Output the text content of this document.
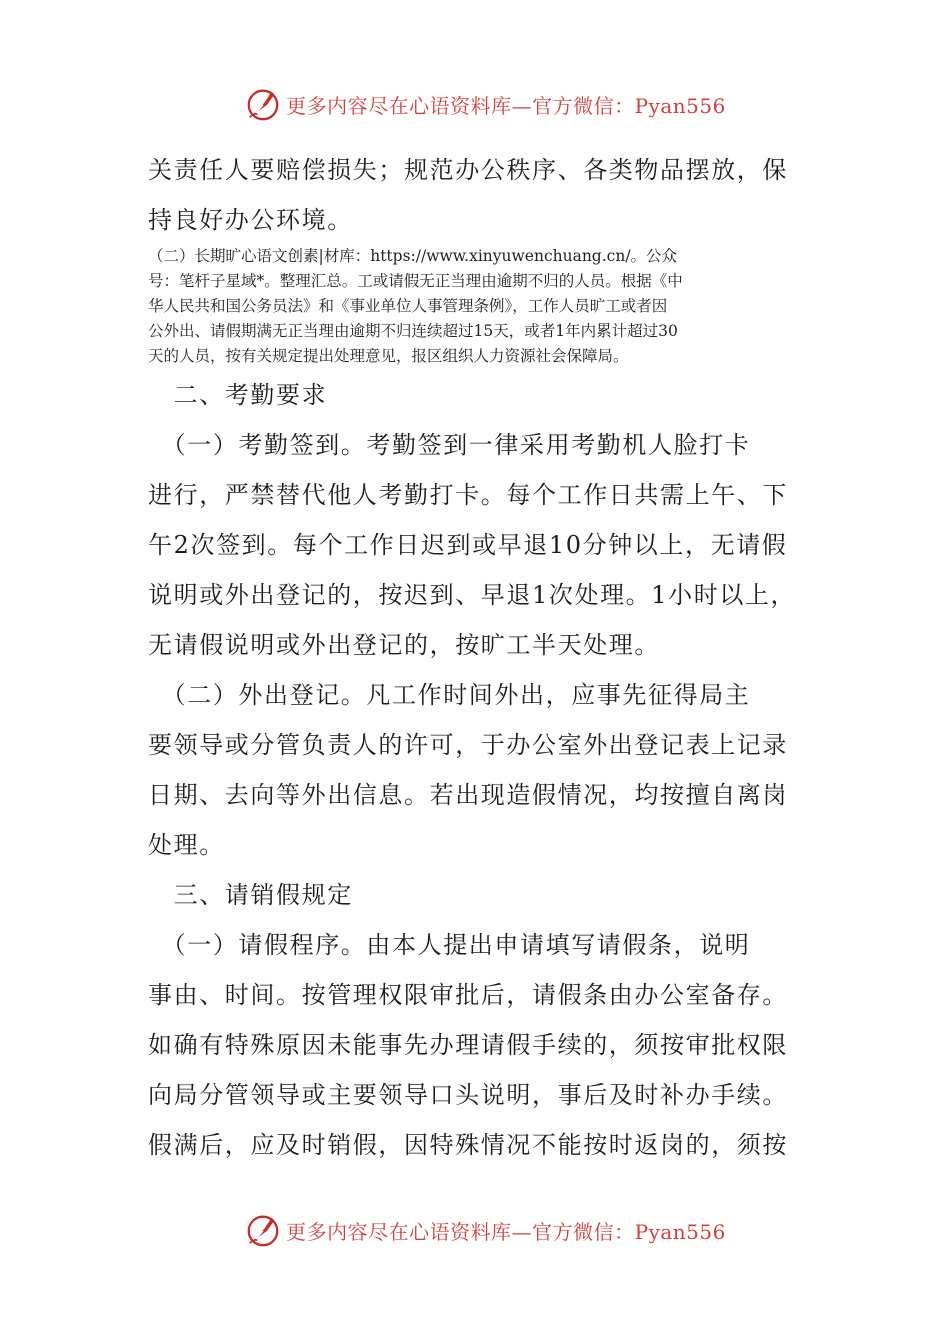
更多内容尽在心语资料库—官方微信：Pyan556
关责任人要赔偿损失；规范办公秩序、各类物品摆放，保
持良好办公环境。

（二）长期旷心语文创素|材库：https://www.xinyuwenchuang.cn/。公众

号：笔杆子星域*。整理汇总。工或请假无正当理由逾期不归的人员。根据《中

华人民共和国公务员法》和《事业单位人事管理条例》，工作人员旷工或者因

公外出、请假期满无正当理由逾期不归连续超过15天，或者1年内累计超过30

天的人员，按有关规定提出处理意见，报区组织人力资源社会保障局。

　二、考勤要求
　（一）考勤签到。考勤签到一律采用考勤机人脸打卡
进行，严禁替代他人考勤打卡。每个工作日共需上午、下
午2次签到。每个工作日迟到或早退10分钟以上，无请假
说明或外出登记的，按迟到、早退1次处理。1小时以上，
无请假说明或外出登记的，按旷工半天处理。
　（二）外出登记。凡工作时间外出，应事先征得局主
要领导或分管负责人的许可，于办公室外出登记表上记录
日期、去向等外出信息。若出现造假情况，均按擅自离岗
处理。
　三、请销假规定
　（一）请假程序。由本人提出申请填写请假条，说明
事由、时间。按管理权限审批后，请假条由办公室备存。
如确有特殊原因未能事先办理请假手续的，须按审批权限
向局分管领导或主要领导口头说明，事后及时补办手续。
假满后，应及时销假，因特殊情况不能按时返岗的，须按
更多内容尽在心语资料库—官方微信：Pyan556
